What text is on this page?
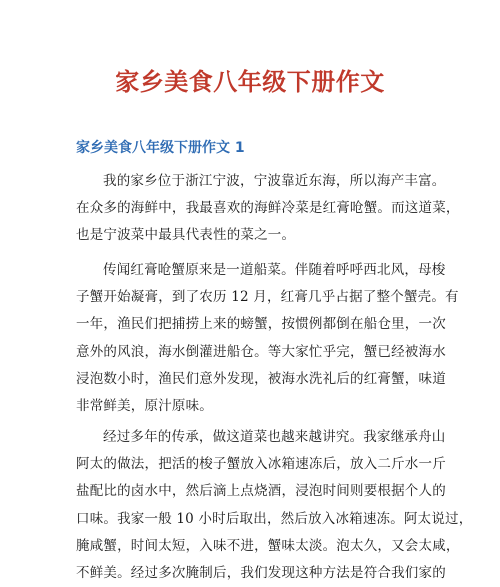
家乡美食八年级下册作文
家乡美食八年级下册作文 1
我的家乡位于浙江宁波，宁波靠近东海，所以海产丰富。
在众多的海鲜中，我最喜欢的海鲜冷菜是红膏呛蟹。而这道菜，
也是宁波菜中最具代表性的菜之一。
传闻红膏呛蟹原来是一道船菜。伴随着呼呼西北风，母梭
子蟹开始凝膏，到了农历 12 月，红膏几乎占据了整个蟹壳。有
一年，渔民们把捕捞上来的螃蟹，按惯例都倒在船仓里，一次
意外的风浪，海水倒灌进船仓。等大家忙乎完，蟹已经被海水
浸泡数小时，渔民们意外发现，被海水洗礼后的红膏蟹，味道
非常鲜美，原汁原味。
经过多年的传承，做这道菜也越来越讲究。我家继承舟山
阿太的做法，把活的梭子蟹放入冰箱速冻后，放入二斤水一斤
盐配比的卤水中，然后滴上点烧酒，浸泡时间则要根据个人的
口味。我家一般 10 小时后取出，然后放入冰箱速冻。阿太说过，
腌咸蟹，时间太短，入味不进，蟹味太淡。泡太久，又会太咸，
不鲜美。经过多次腌制后，我们发现这种方法是符合我们家的
